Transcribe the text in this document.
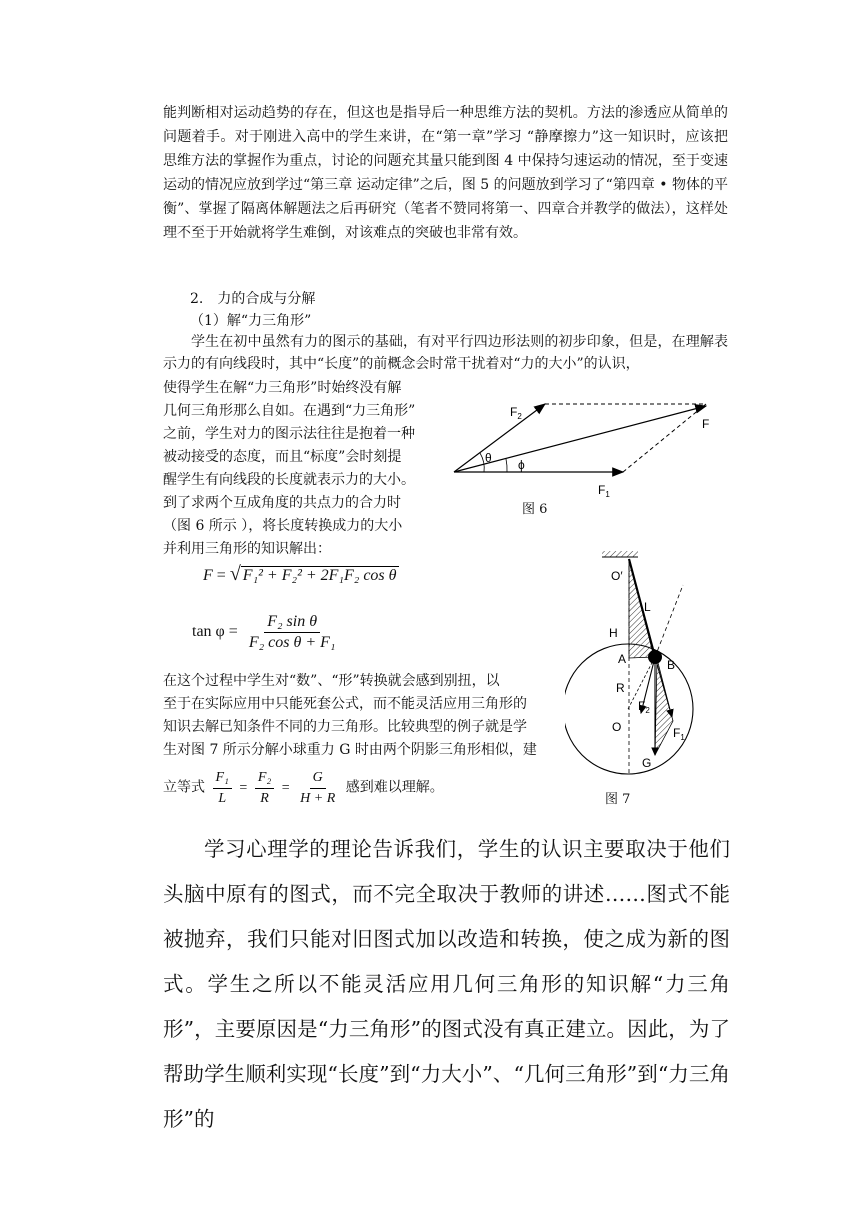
能判断相对运动趋势的存在，但这也是指导后一种思维方法的契机。方法的渗透应从简单的问题着手。对于刚进入高中的学生来讲，在“第一章”学习 “静摩擦力”这一知识时，应该把思维方法的掌握作为重点，讨论的问题充其量只能到图 4 中保持匀速运动的情况，至于变速运动的情况应放到学过“第三章 运动定律”之后，图 5 的问题放到学习了“第四章 • 物体的平衡”、掌握了隔离体解题法之后再研究（笔者不赞同将第一、四章合并教学的做法），这样处理不至于开始就将学生难倒，对该难点的突破也非常有效。

2.　力的合成与分解

（1）解“力三角形”

学生在初中虽然有力的图示的基础，有对平行四边形法则的初步印象，但是，在理解表示力的有向线段时，其中“长度”的前概念会时常干扰着对“力的大小”的认识，

使得学生在解“力三角形”时始终没有解

几何三角形那么自如。在遇到“力三角形”

之前，学生对力的图示法往往是抱着一种

被动接受的态度，而且“标度”会时刻提

醒学生有向线段的长度就表示力的大小。

到了求两个互成角度的共点力的合力时

（图 6 所示 ），将长度转换成力的大小

并利用三角形的知识解出：

$F_2$
F
$F_1$
θ ϕ
图 6
F = √ F₁² + F₂² + 2F₁F₂ cos θ
$\tan \varphi = \frac{\text{F₂ sin θ}}{\text{F₂ cos θ + F₁}}$

在这个过程中学生对“数”、“形”转换就会感到别扭，以

至于在实际应用中只能死套公式，而不能灵活应用三角形的

知识去解已知条件不同的力三角形。比较典型的例子就是学

生对图 7 所示分解小球重力 G 时由两个阴影三角形相似，建

立等式 $\frac{\text{F₁}}{L} = \frac{\text{F₂}}{R} = \frac{G}{H + R}$ 感到难以理解。
O′
L
H
A	B
R
O
$F_2$
$F_1$
G
图 7

学习心理学的理论告诉我们，学生的认识主要取决于他们头脑中原有的图式，而不完全取决于教师的讲述……图式不能被抛弃，我们只能对旧图式加以改造和转换，使之成为新的图式。学生之所以不能灵活应用几何三角形的知识解“力三角形”，主要原因是“力三角形”的图式没有真正建立。因此，为了帮助学生顺利实现“长度”到“力大小”、“几何三角形”到“力三角形”的
